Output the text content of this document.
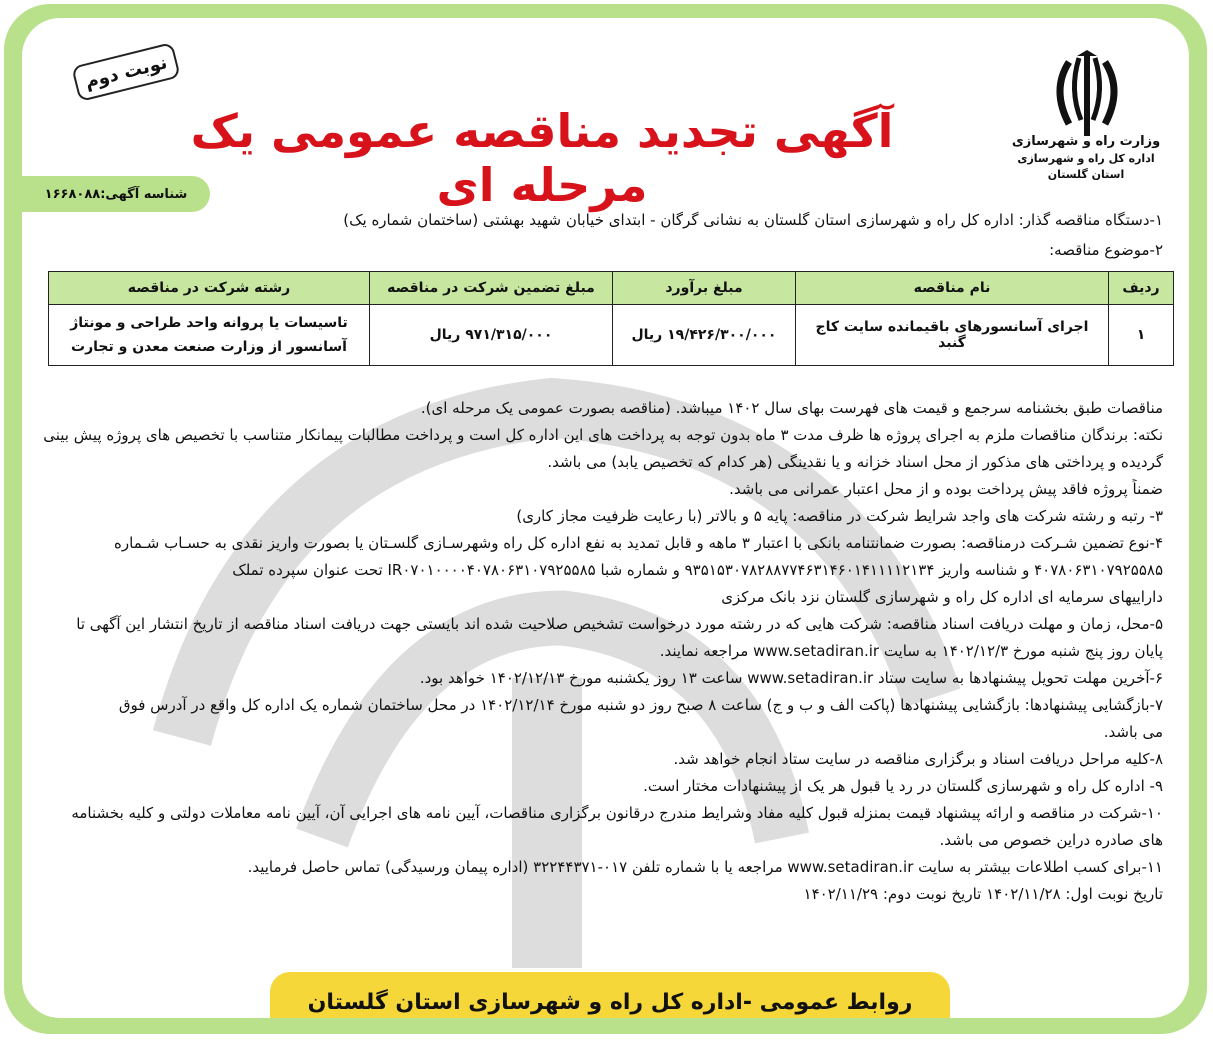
وزارت راه و شهرسازی
اداره کل راه و شهرسازی
استان گلستان
نوبت دوم
آگهی تجدید مناقصه عمومی یک مرحله ای
شناسه آگهی:۱۶۶۸۰۸۸
۱-دستگاه مناقصه گذار: اداره کل راه و شهرسازی استان گلستان به نشانی گرگان - ابتدای خیابان شهید بهشتی (ساختمان شماره یک)
۲-موضوع مناقصه:
ردیف	نام مناقصه	مبلغ برآورد	مبلغ تضمین شرکت در مناقصه	رشته شرکت در مناقصه
۱	اجرای آسانسورهای باقیمانده سایت کاج گنبد	۱۹/۴۲۶/۳۰۰/۰۰۰ ریال	۹۷۱/۳۱۵/۰۰۰ ریال	تاسیسات یا پروانه واحد طراحی و مونتاژ
آسانسور از وزارت صنعت معدن و تجارت
مناقصات طبق بخشنامه سرجمع و قیمت های فهرست بهای سال ۱۴۰۲ میباشد. (مناقصه بصورت عمومی یک مرحله ای).
نکته: برندگان مناقصات ملزم به اجرای پروژه ها ظرف مدت ۳ ماه بدون توجه به پرداخت های این اداره کل است و پرداخت مطالبات پیمانکار متناسب با تخصیص های پروژه پیش بینی
گردیده و پرداختی های مذکور از محل اسناد خزانه و یا نقدینگی (هر کدام که تخصیص یابد) می باشد.
ضمناً پروژه فاقد پیش پرداخت بوده و از محل اعتبار عمرانی می باشد.
۳- رتبه و رشته شرکت های واجد شرایط شرکت در مناقصه: پایه ۵ و بالاتر (با رعایت ظرفیت مجاز کاری)
۴-نوع تضمین شـرکت درمناقصه: بصورت ضمانتنامه بانکی با اعتبار ۳ ماهه و قابل تمدید به نفع اداره کل راه وشهرسـازی گلسـتان یا بصورت واریز نقدی به حسـاب شـماره
۴۰۷۸۰۶۳۱۰۷۹۲۵۵۸۵ و شناسه واریز ۹۳۵۱۵۳۰۷۸۲۸۸۷۷۴۶۳۱۴۶۰۱۴۱۱۱۱۲۱۳۴ و شماره شبا IR۰۷۰۱۰۰۰۰۴۰۷۸۰۶۳۱۰۷۹۲۵۵۸۵ تحت عنوان سپرده تملک
داراییهای سرمایه ای اداره کل راه و شهرسازی گلستان نزد بانک مرکزی
۵-محل، زمان و مهلت دریافت اسناد مناقصه: شرکت هایی که در رشته مورد درخواست تشخیص صلاحیت شده اند بایستی جهت دریافت اسناد مناقصه از تاریخ انتشار این آگهی تا
پایان روز پنج شنبه مورخ ۱۴۰۲/۱۲/۳ به سایت www.setadiran.ir مراجعه نمایند.
۶-آخرین مهلت تحویل پیشنهادها به سایت ستاد www.setadiran.ir ساعت ۱۳ روز یکشنبه مورخ ۱۴۰۲/۱۲/۱۳ خواهد بود.
۷-بازگشایی پیشنهادها: بازگشایی پیشنهادها (پاکت الف و ب و ج) ساعت ۸ صبح روز دو شنبه مورخ ۱۴۰۲/۱۲/۱۴ در محل ساختمان شماره یک اداره کل واقع در آدرس فوق
می باشد.
۸-کلیه مراحل دریافت اسناد و برگزاری مناقصه در سایت ستاد انجام خواهد شد.
۹- اداره کل راه و شهرسازی گلستان در رد یا قبول هر یک از پیشنهادات مختار است.
۱۰-شرکت در مناقصه و ارائه پیشنهاد قیمت بمنزله قبول کلیه مفاد وشرایط مندرج درقانون برگزاری مناقصات، آیین نامه های اجرایی آن، آیین نامه معاملات دولتی و کلیه بخشنامه
های صادره دراین خصوص می باشد.
۱۱-برای کسب اطلاعات بیشتر به سایت www.setadiran.ir مراجعه یا با شماره تلفن ۰۱۷-۳۲۲۴۴۳۷۱ (اداره پیمان ورسیدگی) تماس حاصل فرمایید.
تاریخ نوبت اول: ۱۴۰۲/۱۱/۲۸ تاریخ نوبت دوم: ۱۴۰۲/۱۱/۲۹
روابط عمومی -اداره کل راه و شهرسازی استان گلستان
